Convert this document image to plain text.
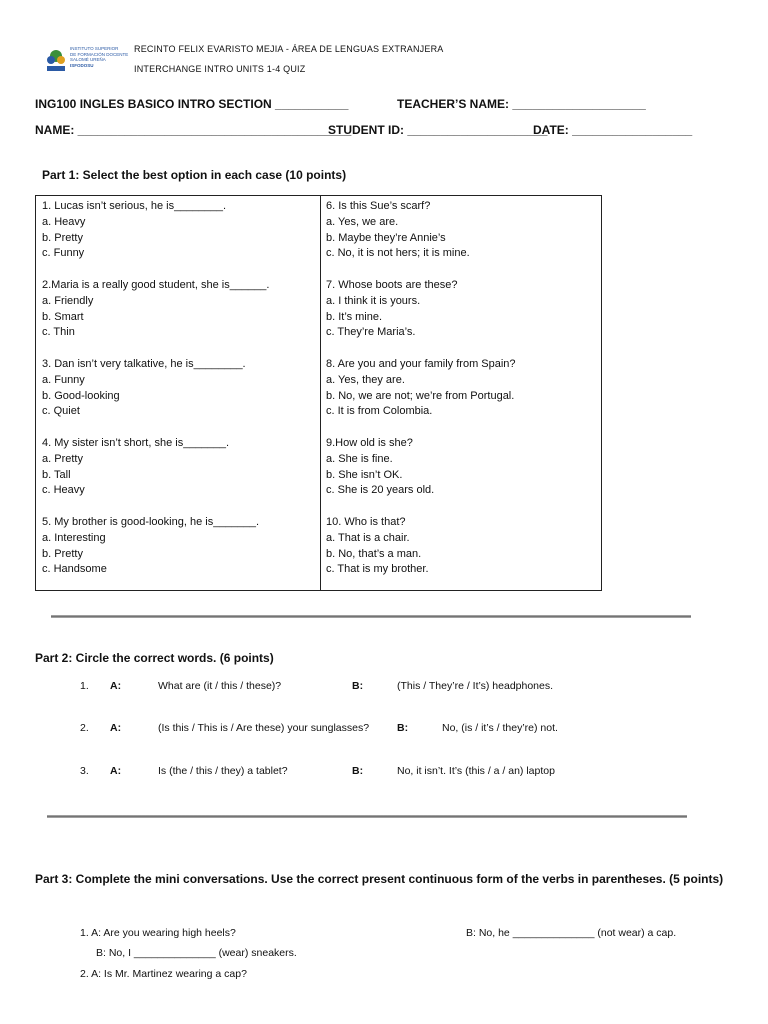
INSTITUTO SUPERIOR
DE FORMACIÓN DOCENTE
SALOMÉ UREÑA
ISFODOSU
RECINTO FELIX EVARISTO MEJIA - ÁREA DE LENGUAS EXTRANJERA
INTERCHANGE INTRO UNITS 1-4 QUIZ
ING100 INGLES BASICO INTRO SECTION ___________	TEACHER’S NAME: ____________________
NAME: _________________________________________
STUDENT ID: _____________________
DATE: __________________
Part 1: Select the best option in each case (10 points)
1. Lucas isn’t serious, he is________.
a. Heavy
b. Pretty
c. Funny
2.Maria is a really good student, she is______.
a. Friendly
b. Smart
c. Thin
3. Dan isn’t very talkative, he is________.
a. Funny
b. Good-looking
c. Quiet
4. My sister isn’t short, she is_______.
a. Pretty
b. Tall
c. Heavy
5. My brother is good-looking, he is_______.
a. Interesting
b. Pretty
c. Handsome
6. Is this Sue’s scarf?
a. Yes, we are.
b. Maybe they’re Annie’s
c. No, it is not hers; it is mine.
7. Whose boots are these?
a. I think it is yours.
b. It’s mine.
c. They’re Maria’s.
8. Are you and your family from Spain?
a. Yes, they are.
b. No, we are not; we’re from Portugal.
c. It is from Colombia.
9.How old is she?
a. She is fine.
b. She isn’t OK.
c. She is 20 years old.
10. Who is that?
a. That is a chair.
b. No, that’s a man.
c. That is my brother.
Part 2: Circle the correct words. (6 points)
1. A:	What are (it / this / these)?	B:	(This / They’re / It’s) headphones.
2. A:	(Is this / This is / Are these) your sunglasses?	B:	No, (is / it’s / they’re) not.
3. A:	Is (the / this / they) a tablet?	B:	No, it isn’t. It’s (this / a / an) laptop
Part 3: Complete the mini conversations. Use the correct present continuous form of the verbs in parentheses. (5 points)
1. A: Are you wearing high heels?	B: No, he ______________ (not wear) a cap.
B: No, I ______________ (wear) sneakers.
2. A: Is Mr. Martinez wearing a cap?
